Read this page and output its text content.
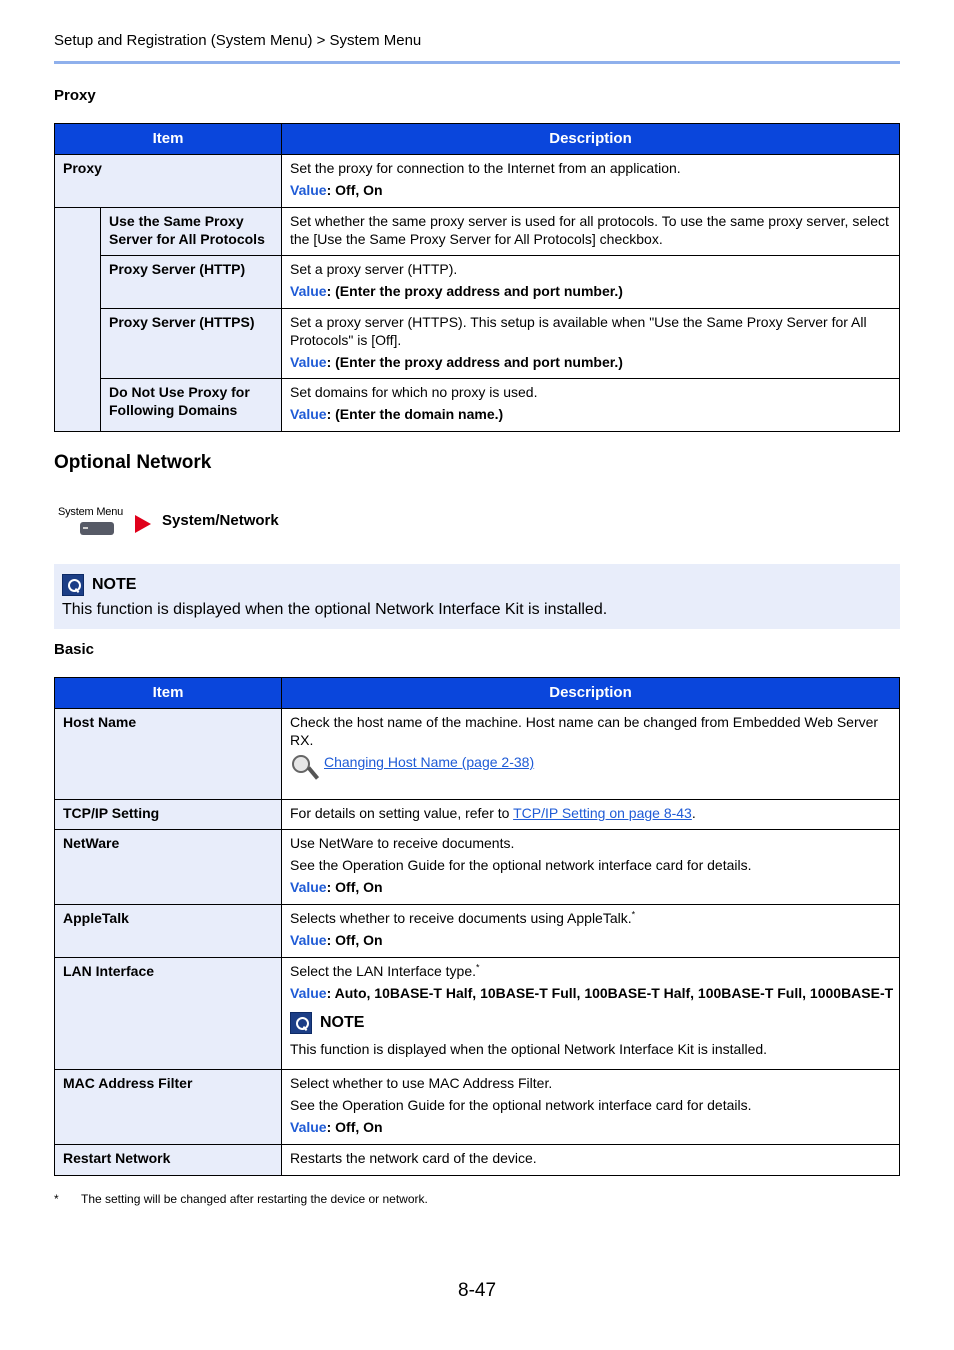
Setup and Registration (System Menu) > System Menu
Proxy
Item		Description
Proxy		Set the proxy for connection to the Internet from an application.
Value: Off, On

	Use the Same Proxy Server for All Protocols	Set whether the same proxy server is used for all protocols. To use the same proxy server, select the [Use the Same Proxy Server for All Protocols] checkbox.

	Proxy Server (HTTP)	Set a proxy server (HTTP).
Value: (Enter the proxy address and port number.)

	Proxy Server (HTTPS)	Set a proxy server (HTTPS). This setup is available when "Use the Same Proxy Server for All Protocols" is [Off].
Value: (Enter the proxy address and port number.)

	Do Not Use Proxy for Following Domains	Set domains for which no proxy is used.
Value: (Enter the domain name.)
Optional Network
System Menu	System/Network
NOTE
This function is displayed when the optional Network Interface Kit is installed.
Basic
Item	Description
Host Name	Check the host name of the machine. Host name can be changed from Embedded Web Server RX.
Changing Host Name (page 2-38)

TCP/IP Setting	For details on setting value, refer to TCP/IP Setting on page 8-43.

NetWare	Use NetWare to receive documents.
See the Operation Guide for the optional network interface card for details.
Value: Off, On

AppleTalk	Selects whether to receive documents using AppleTalk.*
Value: Off, On

LAN Interface	Select the LAN Interface type.*
Value: Auto, 10BASE-T Half, 10BASE-T Full, 100BASE-T Half, 100BASE-T Full, 1000BASE-T
NOTE
This function is displayed when the optional Network Interface Kit is installed.

MAC Address Filter	Select whether to use MAC Address Filter.
See the Operation Guide for the optional network interface card for details.
Value: Off, On

Restart Network	Restarts the network card of the device.
* The setting will be changed after restarting the device or network.
8-47
